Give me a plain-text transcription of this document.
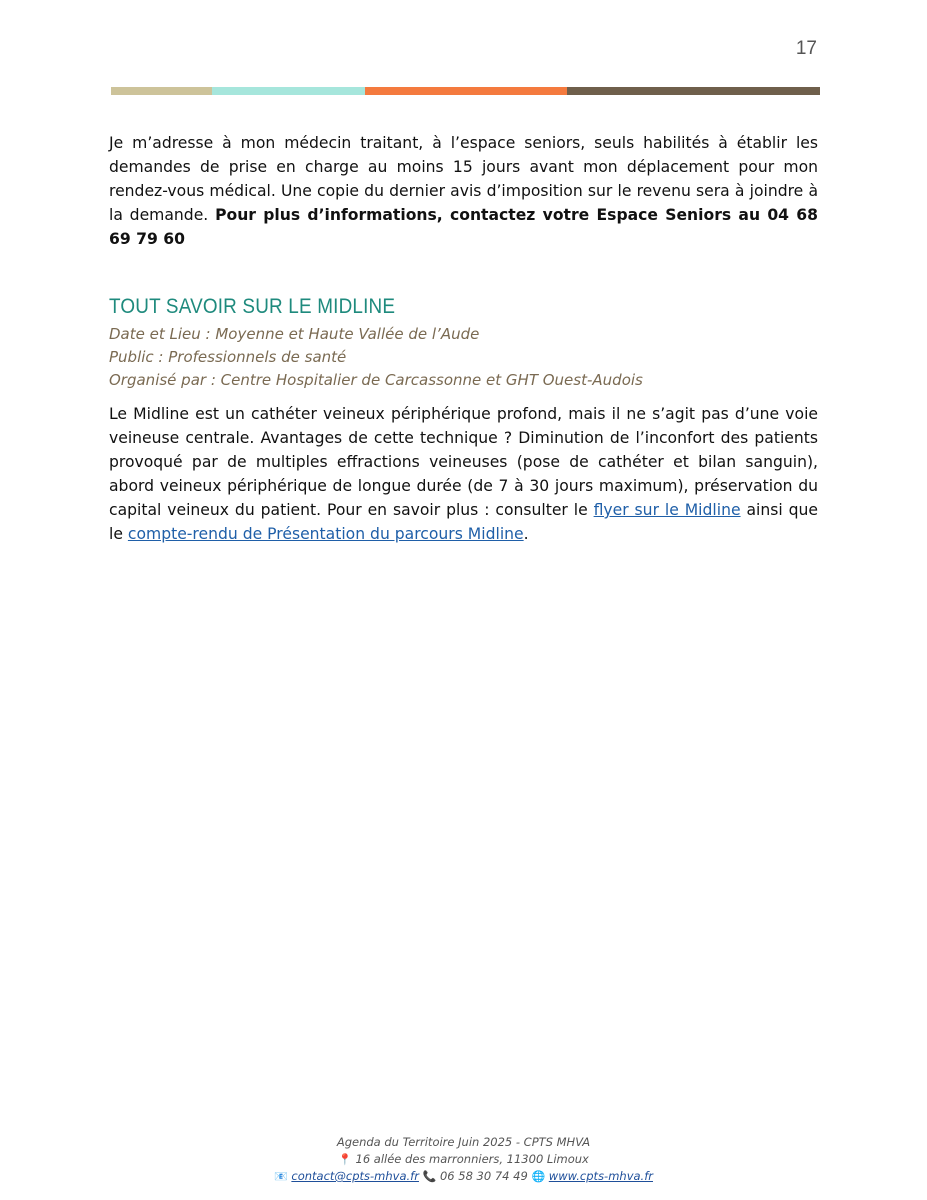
17

Je m’adresse à mon médecin traitant, à l’espace seniors, seuls habilités à établir les demandes de prise en charge au moins 15 jours avant mon déplacement pour mon rendez-vous médical. Une copie du dernier avis d’imposition sur le revenu sera à joindre à la demande. Pour plus d’informations, contactez votre Espace Seniors au 04 68 69 79 60

TOUT SAVOIR SUR LE MIDLINE

Date et Lieu : Moyenne et Haute Vallée de l’Aude

Public : Professionnels de santé

Organisé par : Centre Hospitalier de Carcassonne et GHT Ouest-Audois

Le Midline est un cathéter veineux périphérique profond, mais il ne s’agit pas d’une voie veineuse centrale. Avantages de cette technique ? Diminution de l’inconfort des patients provoqué par de multiples effractions veineuses (pose de cathéter et bilan sanguin), abord veineux périphérique de longue durée (de 7 à 30 jours maximum), préservation du capital veineux du patient. Pour en savoir plus : consulter le flyer sur le Midline ainsi que le compte-rendu de Présentation du parcours Midline.

Agenda du Territoire Juin 2025 - CPTS MHVA
📍 16 allée des marronniers, 11300 Limoux
📧 contact@cpts-mhva.fr 📞 06 58 30 74 49 🌐 www.cpts-mhva.fr
